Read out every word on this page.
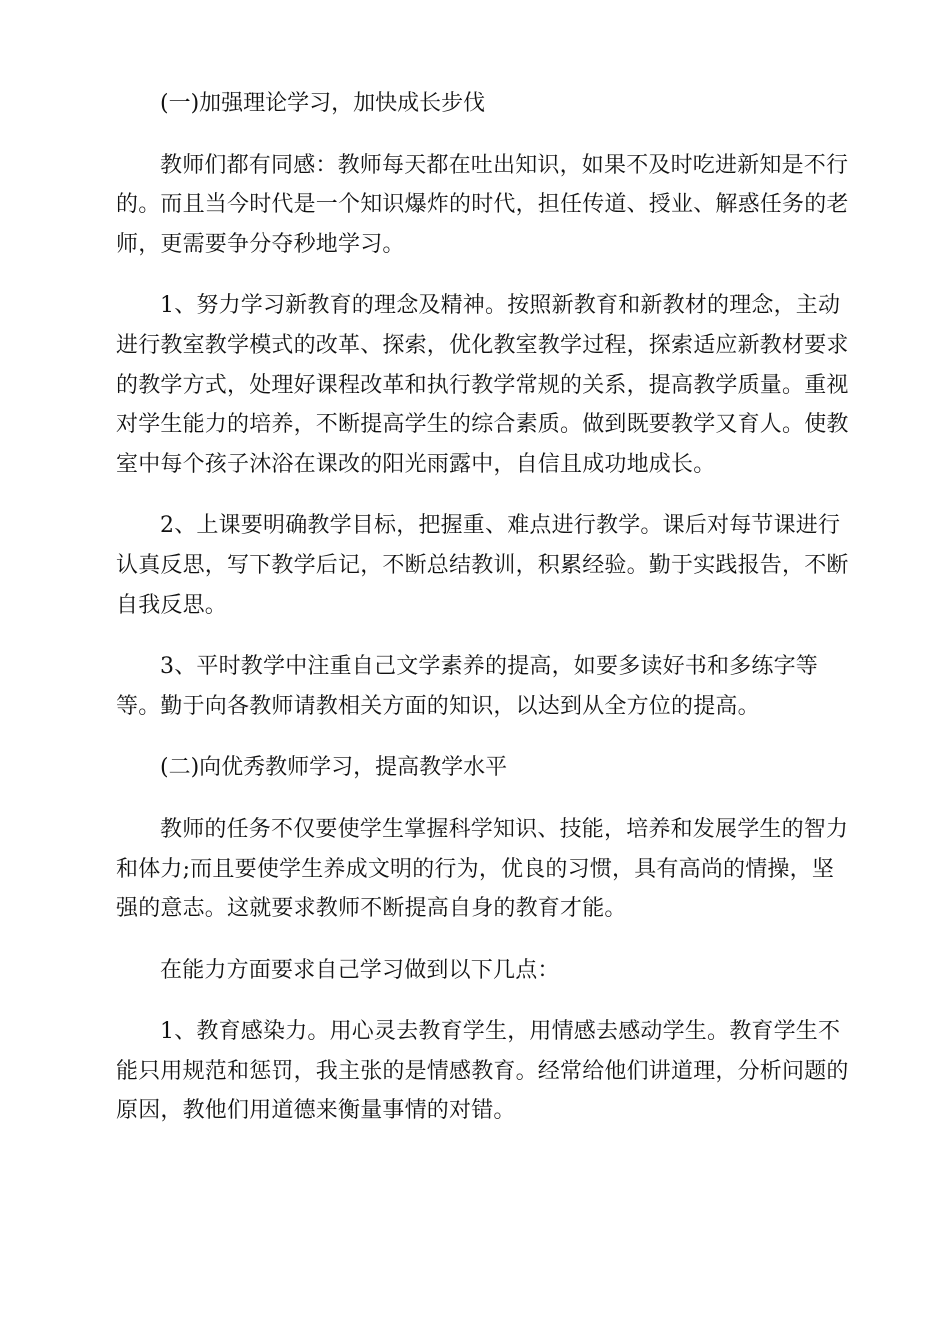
(一)加强理论学习，加快成长步伐

教师们都有同感：教师每天都在吐出知识，如果不及时吃进新知是不行的。而且当今时代是一个知识爆炸的时代，担任传道、授业、解惑任务的老师，更需要争分夺秒地学习。

1、努力学习新教育的理念及精神。按照新教育和新教材的理念，主动进行教室教学模式的改革、探索，优化教室教学过程，探索适应新教材要求的教学方式，处理好课程改革和执行教学常规的关系，提高教学质量。重视对学生能力的培养，不断提高学生的综合素质。做到既要教学又育人。使教室中每个孩子沐浴在课改的阳光雨露中，自信且成功地成长。

2、上课要明确教学目标，把握重、难点进行教学。课后对每节课进行认真反思，写下教学后记，不断总结教训，积累经验。勤于实践报告，不断自我反思。

3、平时教学中注重自己文学素养的提高，如要多读好书和多练字等等。勤于向各教师请教相关方面的知识，以达到从全方位的提高。

(二)向优秀教师学习，提高教学水平

教师的任务不仅要使学生掌握科学知识、技能，培养和发展学生的智力和体力;而且要使学生养成文明的行为，优良的习惯，具有高尚的情操，坚强的意志。这就要求教师不断提高自身的教育才能。

在能力方面要求自己学习做到以下几点：

1、教育感染力。用心灵去教育学生，用情感去感动学生。教育学生不能只用规范和惩罚，我主张的是情感教育。经常给他们讲道理，分析问题的原因，教他们用道德来衡量事情的对错。
